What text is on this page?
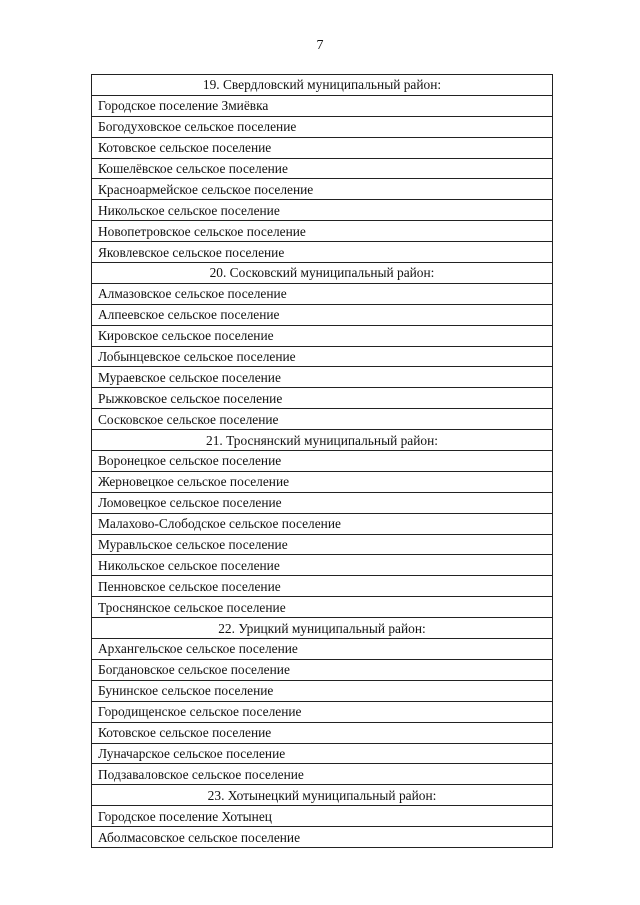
7
19. Свердловский муниципальный район:
Городское поселение Змиёвка
Богодуховское сельское поселение
Котовское сельское поселение
Кошелёвское сельское поселение
Красноармейское сельское поселение
Никольское сельское поселение
Новопетровское сельское поселение
Яковлевское сельское поселение
20. Сосковский муниципальный район:
Алмазовское сельское поселение
Алпеевское сельское поселение
Кировское сельское поселение
Лобынцевское сельское поселение
Мураевское сельское поселение
Рыжковское сельское поселение
Сосковское сельское поселение
21. Троснянский муниципальный район:
Воронецкое сельское поселение
Жерновецкое сельское поселение
Ломовецкое сельское поселение
Малахово-Слободское сельское поселение
Муравльское сельское поселение
Никольское сельское поселение
Пенновское сельское поселение
Троснянское сельское поселение
22. Урицкий муниципальный район:
Архангельское сельское поселение
Богдановское сельское поселение
Бунинское сельское поселение
Городищенское сельское поселение
Котовское сельское поселение
Луначарское сельское поселение
Подзаваловское сельское поселение
23. Хотынецкий муниципальный район:
Городское поселение Хотынец
Аболмасовское сельское поселение
